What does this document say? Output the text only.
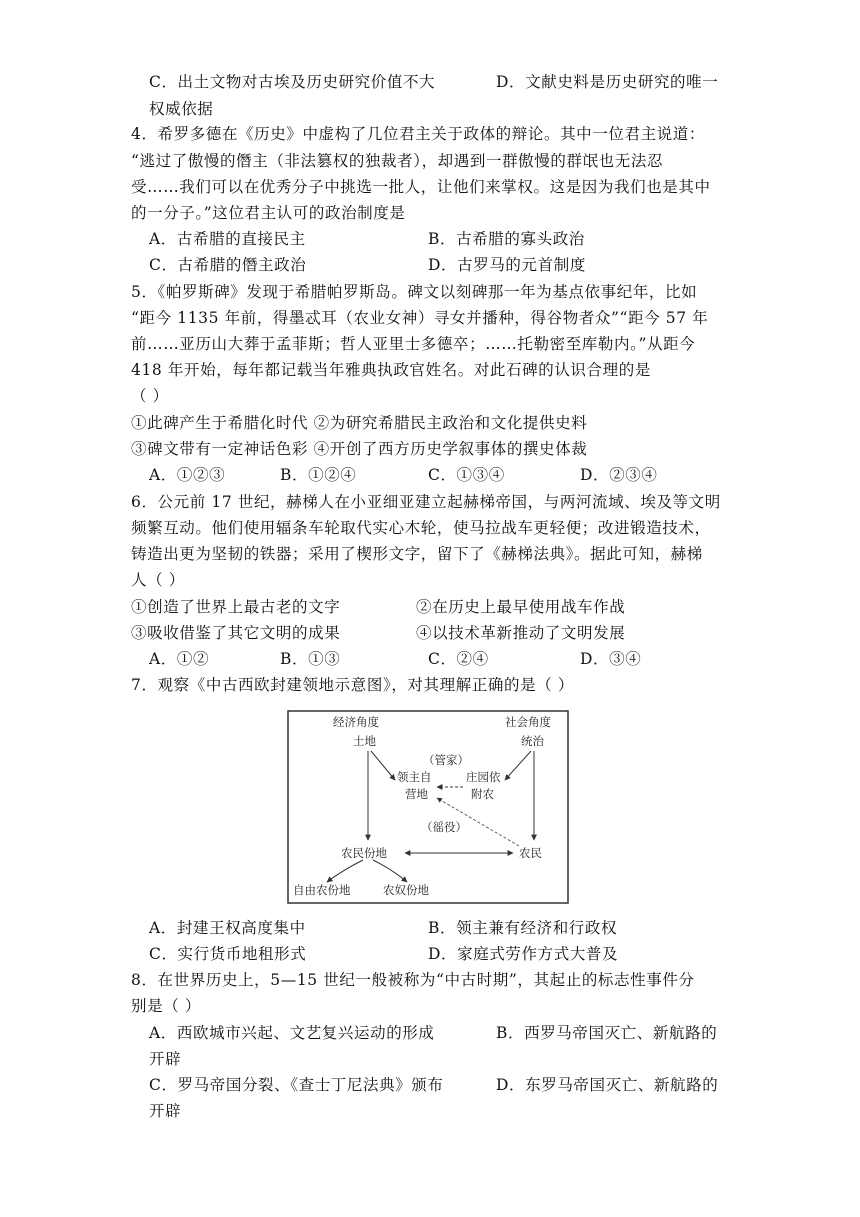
C．出土文物对古埃及历史研究价值不大	D．文献史料是历史研究的唯一
权威依据
4．希罗多德在《历史》中虚构了几位君主关于政体的辩论。其中一位君主说道：
“逃过了傲慢的僭主（非法篡权的独裁者），却遇到一群傲慢的群氓也无法忍
受……我们可以在优秀分子中挑选一批人，让他们来掌权。这是因为我们也是其中
的一分子。”这位君主认可的政治制度是
A．古希腊的直接民主	B．古希腊的寡头政治
C．古希腊的僭主政治	D．古罗马的元首制度
5．《帕罗斯碑》发现于希腊帕罗斯岛。碑文以刻碑那一年为基点依事纪年，比如
“距今 1135 年前，得墨忒耳（农业女神）寻女并播种，得谷物者众”“距今 57 年
前……亚历山大葬于孟菲斯；哲人亚里士多德卒；……托勒密至库勒内。”从距今
418 年开始，每年都记载当年雅典执政官姓名。对此石碑的认识合理的是
（ ）
①此碑产生于希腊化时代 ②为研究希腊民主政治和文化提供史料
③碑文带有一定神话色彩 ④开创了西方历史学叙事体的撰史体裁
A．①②③	B．①②④	C．①③④	D．②③④
6．公元前 17 世纪，赫梯人在小亚细亚建立起赫梯帝国，与两河流域、埃及等文明
频繁互动。他们使用辐条车轮取代实心木轮，使马拉战车更轻便；改进锻造技术，
铸造出更为坚韧的铁器；采用了楔形文字，留下了《赫梯法典》。据此可知，赫梯
人（ ）
①创造了世界上最古老的文字	②在历史上最早使用战车作战
③吸收借鉴了其它文明的成果	④以技术革新推动了文明发展
A．①②	B．①③	C．②④	D．③④
7．观察《中古西欧封建领地示意图》，对其理解正确的是（ ）
经济角度	社会角度
土地	统治
（管家）
领主自
营地
庄园依
附农
（徭役）
农民份地	农民
自由农份地	农奴份地
A．封建王权高度集中	B．领主兼有经济和行政权
C．实行货币地租形式	D．家庭式劳作方式大普及
8．在世界历史上，5—15 世纪一般被称为“中古时期”，其起止的标志性事件分
别是（ ）
A．西欧城市兴起、文艺复兴运动的形成	B．西罗马帝国灭亡、新航路的
开辟
C．罗马帝国分裂、《查士丁尼法典》颁布	D．东罗马帝国灭亡、新航路的
开辟
